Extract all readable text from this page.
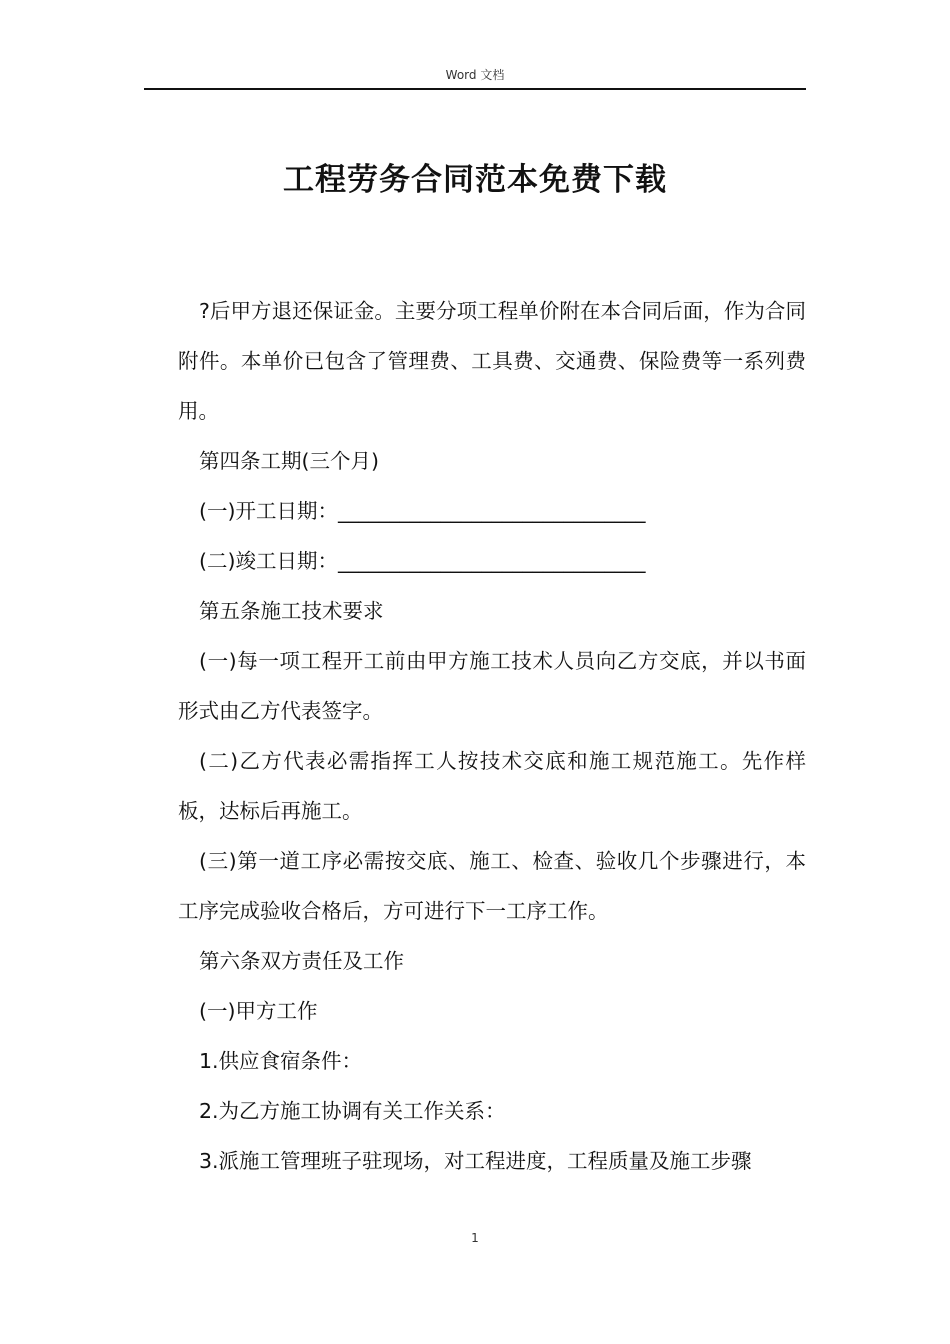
Word 文档
工程劳务合同范本免费下载

?后甲方退还保证金。主要分项工程单价附在本合同后面，作为合同附件。本单价已包含了管理费、工具费、交通费、保险费等一系列费用。

第四条工期(三个月)

(一)开工日期：______________________________

(二)竣工日期：______________________________

第五条施工技术要求

(一)每一项工程开工前由甲方施工技术人员向乙方交底，并以书面形式由乙方代表签字。

(二)乙方代表必需指挥工人按技术交底和施工规范施工。先作样板，达标后再施工。

(三)第一道工序必需按交底、施工、检查、验收几个步骤进行，本工序完成验收合格后，方可进行下一工序工作。

第六条双方责任及工作

(一)甲方工作

1.供应食宿条件：

2.为乙方施工协调有关工作关系：

3.派施工管理班子驻现场，对工程进度，工程质量及施工步骤

1
